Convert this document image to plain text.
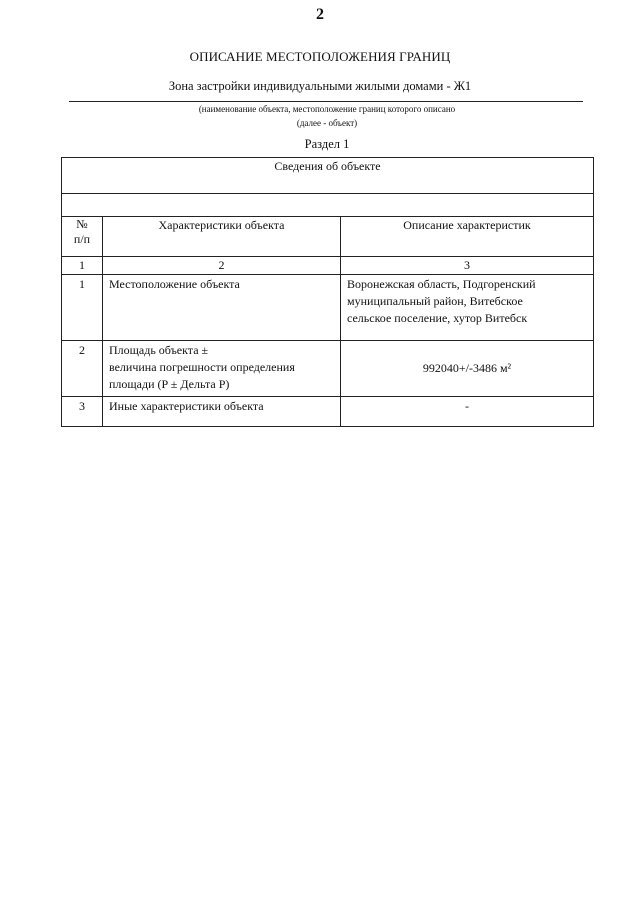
2
ОПИСАНИЕ МЕСТОПОЛОЖЕНИЯ ГРАНИЦ
Зона застройки индивидуальными жилыми домами - Ж1
(наименование объекта, местоположение границ которого описано
(далее - объект)
Раздел 1
Сведения об объекте		

№
п/п	Характеристики объекта	Описание характеристик
1	2	3
1	Местоположение объекта	Воронежская область, Подгоренский
муниципальный район, Витебское
сельское поселение, хутор Витебск

2	Площадь объекта ±
величина погрешности определения
площади (P ± Дельта P)	992040+/-3486 м²
3	Иные характеристики объекта	-
